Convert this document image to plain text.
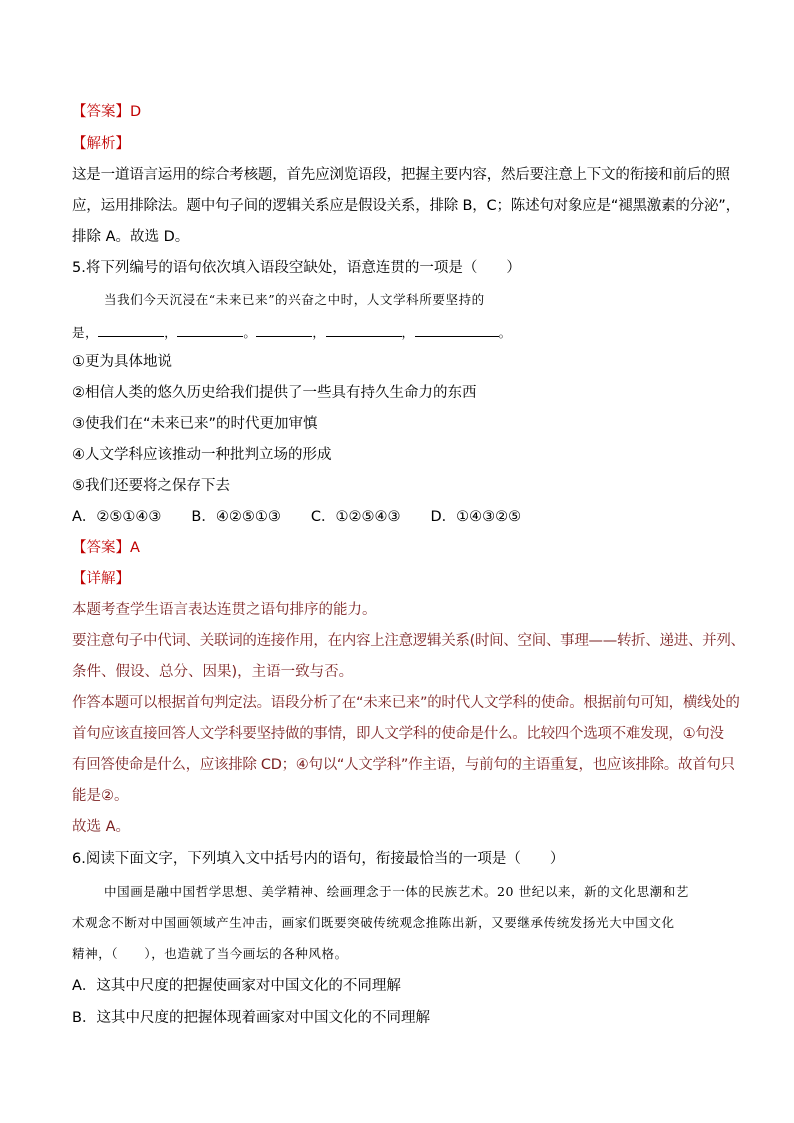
【答案】D
【解析】
这是一道语言运用的综合考核题，首先应浏览语段，把握主要内容，然后要注意上下文的衔接和前后的照
应，运用排除法。题中句子间的逻辑关系应是假设关系，排除 B，C；陈述句对象应是“褪黑激素的分泌”，
排除 A。故选 D。
5.将下列编号的语句依次填入语段空缺处，语意连贯的一项是（　　）
当我们今天沉浸在“未来已来”的兴奋之中时，人文学科所要坚持的
是，	，	。	，	，	。
①更为具体地说
②相信人类的悠久历史给我们提供了一些具有持久生命力的东西
③使我们在“未来已来”的时代更加审慎
④人文学科应该推动一种批判立场的形成
⑤我们还要将之保存下去
A．②⑤①④③ B．④②⑤①③ C．①②⑤④③ D．①④③②⑤
【答案】A
【详解】
本题考查学生语言表达连贯之语句排序的能力。
要注意句子中代词、关联词的连接作用，在内容上注意逻辑关系(时间、空间、事理——转折、递进、并列、
条件、假设、总分、因果)，主语一致与否。
作答本题可以根据首句判定法。语段分析了在“未来已来”的时代人文学科的使命。根据前句可知，横线处的
首句应该直接回答人文学科要坚持做的事情，即人文学科的使命是什么。比较四个选项不难发现，①句没
有回答使命是什么，应该排除 CD；④句以“人文学科”作主语，与前句的主语重复，也应该排除。故首句只
能是②。
故选 A。
6.阅读下面文字，下列填入文中括号内的语句，衔接最恰当的一项是（　　）
中国画是融中国哲学思想、美学精神、绘画理念于一体的民族艺术。20 世纪以来，新的文化思潮和艺
术观念不断对中国画领域产生冲击，画家们既要突破传统观念推陈出新，又要继承传统发扬光大中国文化
精神，（　　），也造就了当今画坛的各种风格。
A．这其中尺度的把握使画家对中国文化的不同理解
B．这其中尺度的把握体现着画家对中国文化的不同理解
